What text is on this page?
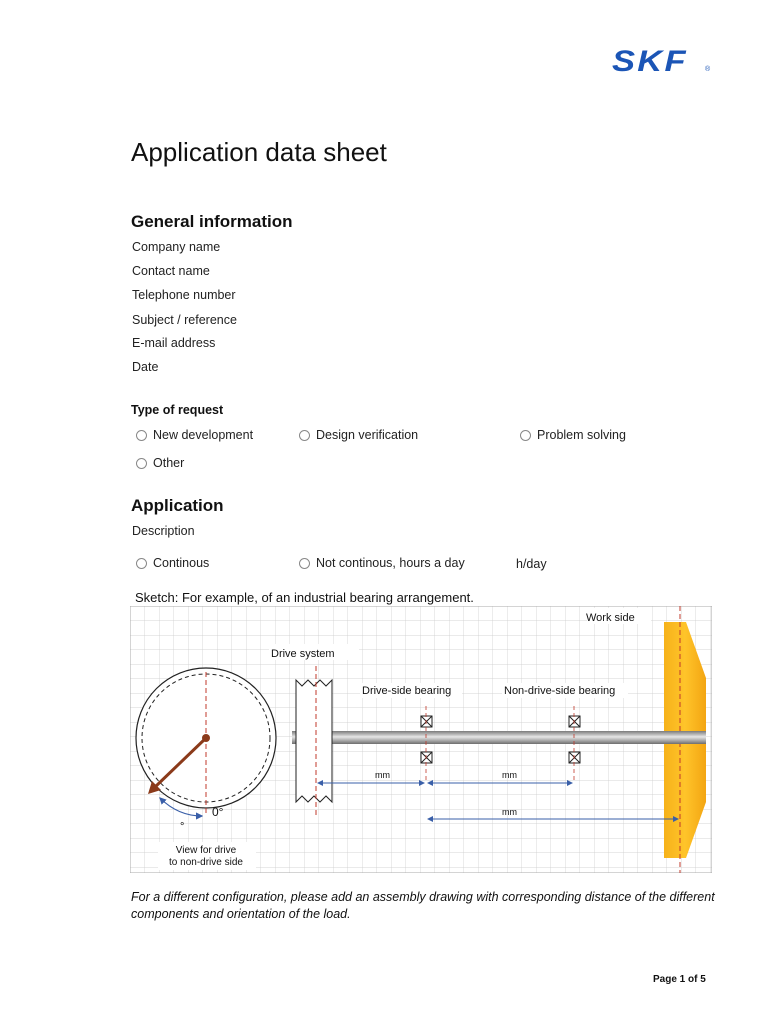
SKF ®
Application data sheet
General information
Company name
Contact name
Telephone number
Subject / reference
E-mail address
Date
Type of request
New development	Design verification	Problem solving
Other
Application
Description
Continous	Not continous, hours a day	h/day
Sketch: For example, of an industrial bearing arrangement.
Work side
Drive system
Drive-side bearing	Non-drive-side bearing
mm	mm
mm
0°
°
View for drive
to non-drive side
For a different configuration, please add an assembly drawing with corresponding distance of the different components and orientation of the load.
Page 1 of 5
